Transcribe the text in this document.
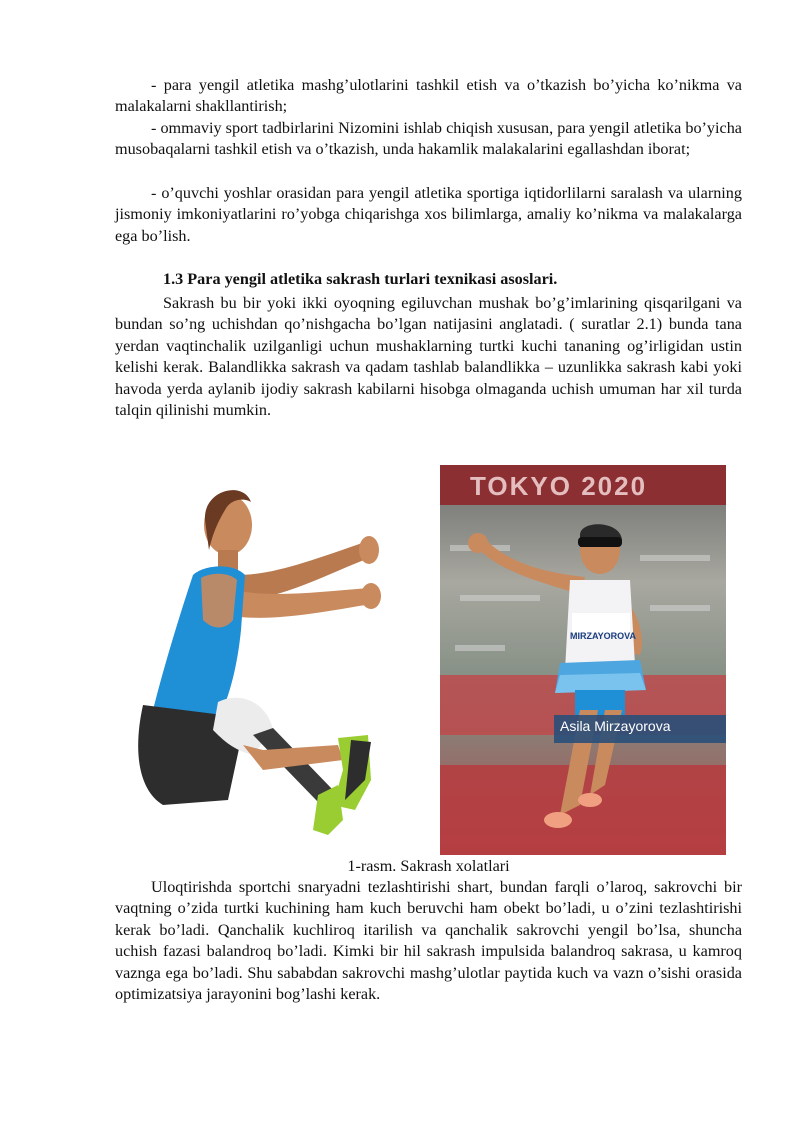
- para yengil atletika mashg’ulotlarini tashkil etish va o’tkazish bo’yicha ko’nikma va malakalarni shakllantirish;

- ommaviy sport tadbirlarini Nizomini ishlab chiqish xususan, para yengil atletika bo’yicha musobaqalarni tashkil etish va o’tkazish, unda hakamlik malakalarini egallashdan iborat;

- o’quvchi yoshlar orasidan para yengil atletika sportiga iqtidorlilarni saralash va ularning jismoniy imkoniyatlarini ro’yobga chiqarishga xos bilimlarga, amaliy ko’nikma va malakalarga ega bo’lish.

1.3 Para yengil atletika sakrash turlari texnikasi asoslari.

Sakrash bu bir yoki ikki oyoqning egiluvchan mushak bo’g’imlarining qisqarilgani va bundan so’ng uchishdan qo’nishgacha bo’lgan natijasini anglatadi. ( suratlar 2.1) bunda tana yerdan vaqtinchalik uzilganligi uchun mushaklarning turtki kuchi tananing og’irligidan ustin kelishi kerak. Balandlikka sakrash va qadam tashlab balandlikka – uzunlikka sakrash kabi yoki havoda yerda aylanib ijodiy sakrash kabilarni hisobga olmaganda uchish umuman har xil turda talqin qilinishi mumkin.

1-rasm. Sakrash xolatlari

Uloqtirishda sportchi snaryadni tezlashtirishi shart, bundan farqli o’laroq, sakrovchi bir vaqtning o’zida turtki kuchining ham kuch beruvchi ham obekt bo’ladi, u o’zini tezlashtirishi kerak bo’ladi. Qanchalik kuchliroq itarilish va qanchalik sakrovchi yengil bo’lsa, shuncha uchish fazasi balandroq bo’ladi. Kimki bir hil sakrash impulsida balandroq sakrasa, u kamroq vaznga ega bo’ladi. Shu sababdan sakrovchi mashg’ulotlar paytida kuch va vazn o’sishi orasida optimizatsiya jarayonini bog’lashi kerak.

TOKYO 2020
MIRZAYOROVA
Asila Mirzayorova
